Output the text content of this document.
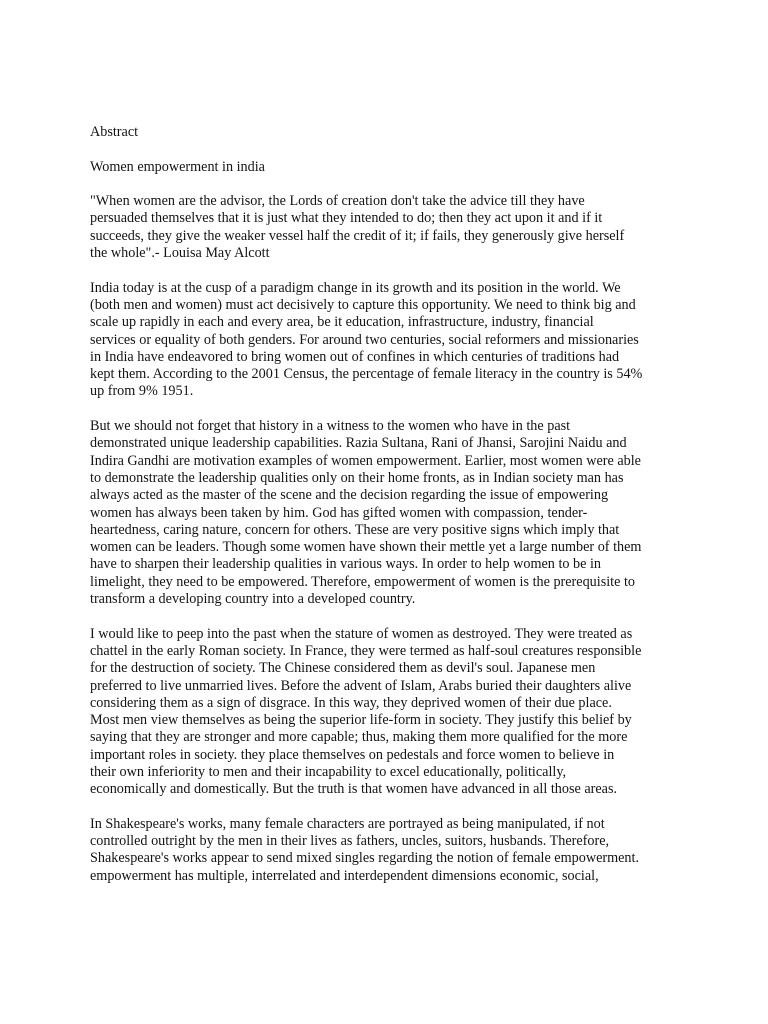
Abstract

Women empowerment in india

"When women are the advisor, the Lords of creation don't take the advice till they have
persuaded themselves that it is just what they intended to do; then they act upon it and if it
succeeds, they give the weaker vessel half the credit of it; if fails, they generously give herself
the whole".- Louisa May Alcott

India today is at the cusp of a paradigm change in its growth and its position in the world. We
(both men and women) must act decisively to capture this opportunity. We need to think big and
scale up rapidly in each and every area, be it education, infrastructure, industry, financial
services or equality of both genders. For around two centuries, social reformers and missionaries
in India have endeavored to bring women out of confines in which centuries of traditions had
kept them. According to the 2001 Census, the percentage of female literacy in the country is 54%
up from 9% 1951.

But we should not forget that history in a witness to the women who have in the past
demonstrated unique leadership capabilities. Razia Sultana, Rani of Jhansi, Sarojini Naidu and
Indira Gandhi are motivation examples of women empowerment. Earlier, most women were able
to demonstrate the leadership qualities only on their home fronts, as in Indian society man has
always acted as the master of the scene and the decision regarding the issue of empowering
women has always been taken by him. God has gifted women with compassion, tender-
heartedness, caring nature, concern for others. These are very positive signs which imply that
women can be leaders. Though some women have shown their mettle yet a large number of them
have to sharpen their leadership qualities in various ways. In order to help women to be in
limelight, they need to be empowered. Therefore, empowerment of women is the prerequisite to
transform a developing country into a developed country.

I would like to peep into the past when the stature of women as destroyed. They were treated as
chattel in the early Roman society. In France, they were termed as half-soul creatures responsible
for the destruction of society. The Chinese considered them as devil's soul. Japanese men
preferred to live unmarried lives. Before the advent of Islam, Arabs buried their daughters alive
considering them as a sign of disgrace. In this way, they deprived women of their due place.
Most men view themselves as being the superior life-form in society. They justify this belief by
saying that they are stronger and more capable; thus, making them more qualified for the more
important roles in society. they place themselves on pedestals and force women to believe in
their own inferiority to men and their incapability to excel educationally, politically,
economically and domestically. But the truth is that women have advanced in all those areas.

In Shakespeare's works, many female characters are portrayed as being manipulated, if not
controlled outright by the men in their lives as fathers, uncles, suitors, husbands. Therefore,
Shakespeare's works appear to send mixed singles regarding the notion of female empowerment.
empowerment has multiple, interrelated and interdependent dimensions economic, social,
